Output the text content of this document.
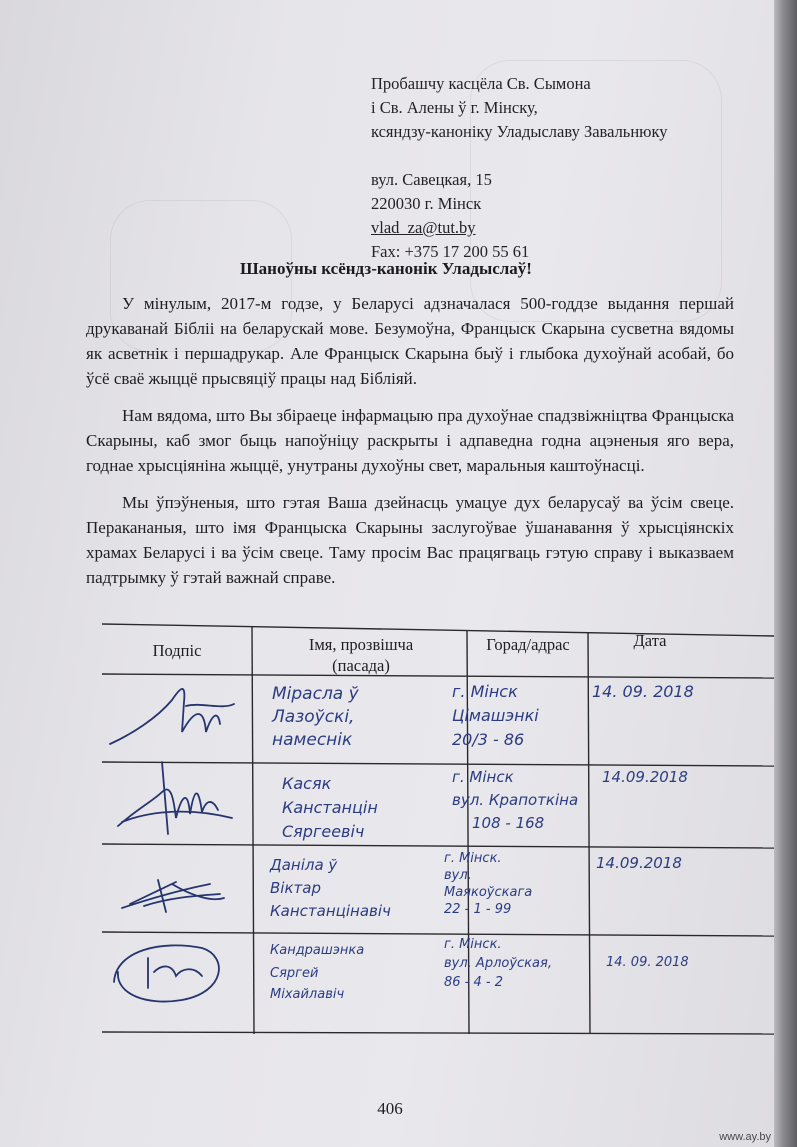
Пробашчу касцёла Св. Сымона
і Св. Алены ў г. Мінску,
ксяндзу-каноніку Уладыславу Завальнюку
вул. Савецкая, 15
220030 г. Мінск
vlad_za@tut.by
Fax: +375 17 200 55 61
Шаноўны ксёндз-канонік Уладыслаў!

У мінулым, 2017-м годзе, у Беларусі адзначалася 500-годдзе выдання першай друкаванай Бібліі на беларускай мове. Безумоўна, Францыск Скарына сусветна вядомы як асветнік і першадрукар. Але Францыск Скарына быў і глыбока духоўнай асобай, бо ўсё сваё жыццё прысвяціў працы над Бібліяй.

Нам вядома, што Вы збіраеце інфармацыю пра духоўнае спадзвіжніцтва Францыска Скарыны, каб змог быць напоўніцу раскрыты і адпаведна годна ацэненыя яго вера, годнае хрысціяніна жыццё, унутраны духоўны свет, маральныя каштоўнасці.

Мы ўпэўненыя, што гэтая Ваша дзейнасць умацуе дух беларусаў ва ўсім свеце. Перакананыя, што імя Францыска Скарыны заслугоўвае ўшанавання ў хрысціянскіх храмах Беларусі і ва ўсім свеце. Таму просім Вас працягваць гэтую справу і выказваем падтрымку ў гэтай важнай справе.

Подпіс	Імя, прозвішча
(пасада)
Горад/адрас	Дата
Мірасла ў
Лазоўскі,
намеснік
г. Мінск
Цімашэнкі
20/3 - 86
14. 09. 2018
Касяк
Канстанцін
Сяргеевіч
г. Мінск
вул. Крапоткіна
108 - 168
14.09.2018
Даніла ў
Віктар
Канстанцінавіч
г. Мінск.
вул.
Маякоўскага
22 - 1 - 99
14.09.2018
Кандрашэнка
Сяргей
Міхайлавіч
г. Мінск.
вул. Арлоўская,
86 - 4 - 2
14. 09. 2018
406
www.ay.by
